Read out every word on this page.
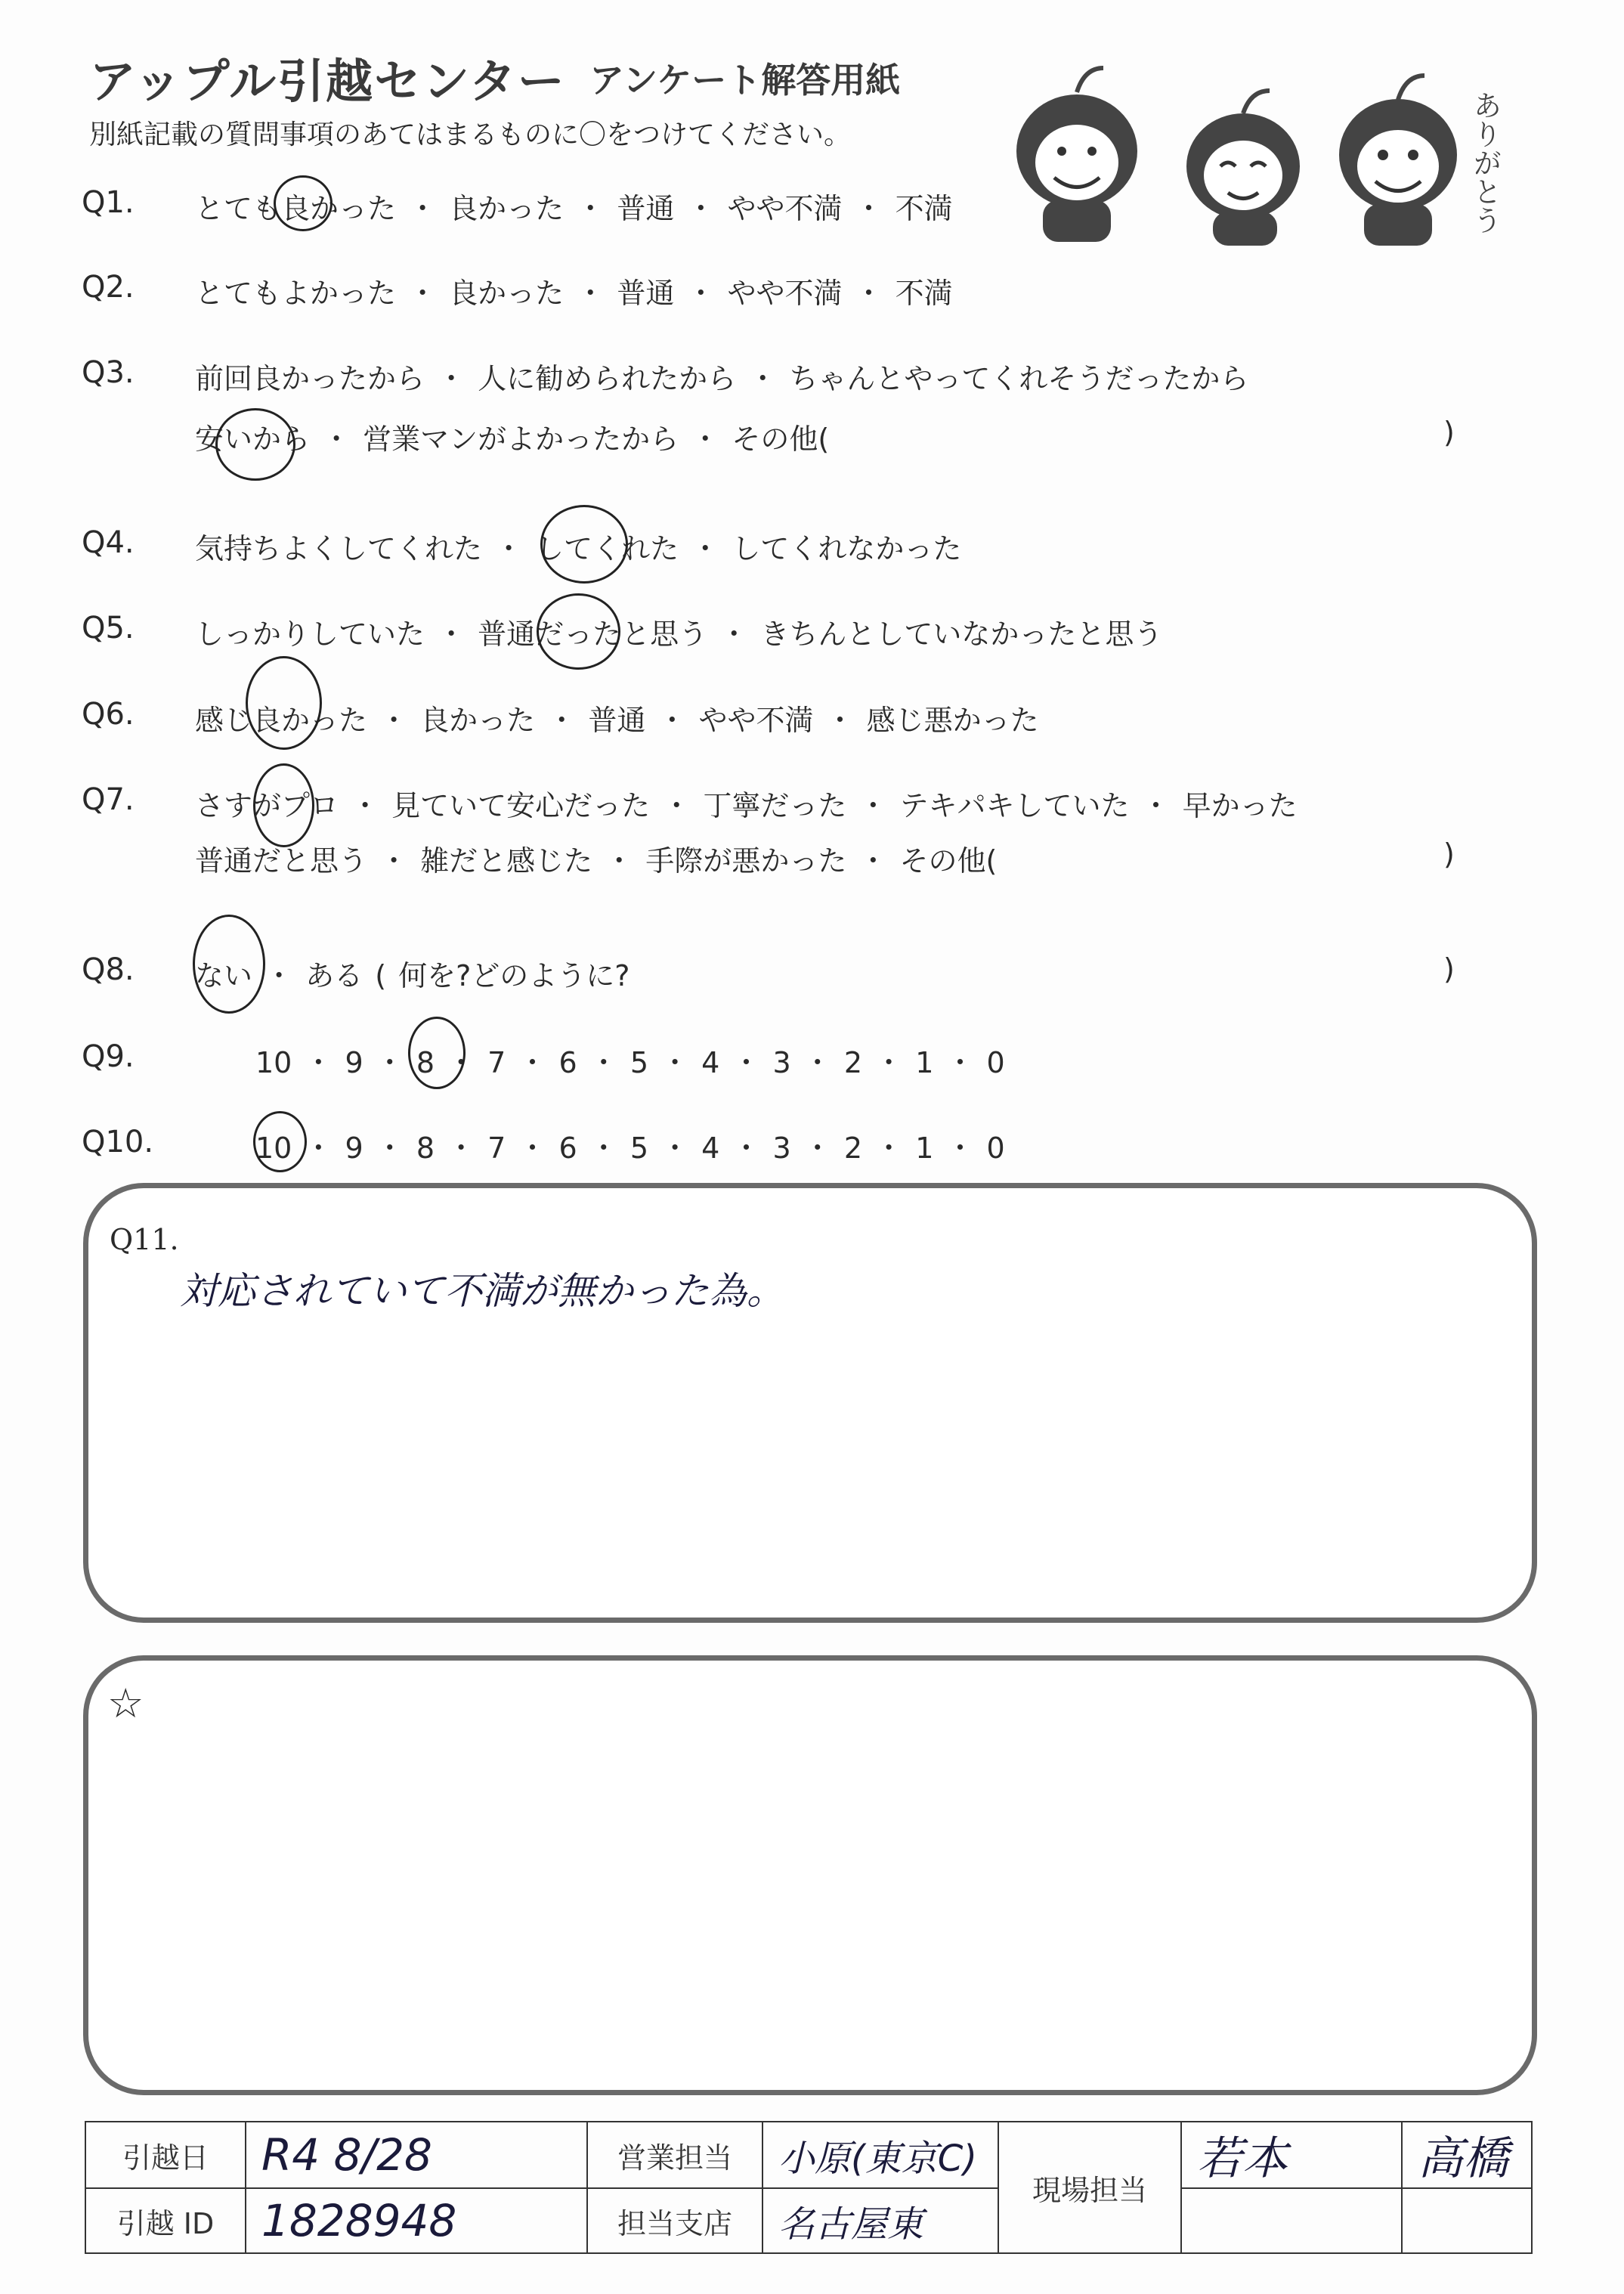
アップル引越センター アンケート解答用紙
別紙記載の質問事項のあてはまるものに〇をつけてください。	ありがとう
Q1. とても良かった ・ 良かった ・ 普通 ・ やや不満 ・ 不満
Q2. とてもよかった ・ 良かった ・ 普通 ・ やや不満 ・ 不満
Q3. 前回良かったから ・ 人に勧められたから ・ ちゃんとやってくれそうだったから
安いから ・ 営業マンがよかったから ・ その他(	)
Q4. 気持ちよくしてくれた ・ してくれた ・ してくれなかった
Q5. しっかりしていた ・ 普通だったと思う ・ きちんとしていなかったと思う
Q6. 感じ良かった ・ 良かった ・ 普通 ・ やや不満 ・ 感じ悪かった
Q7. さすがプロ ・ 見ていて安心だった ・ 丁寧だった ・ テキパキしていた ・ 早かった
普通だと思う ・ 雑だと感じた ・ 手際が悪かった ・ その他(	)
Q8. ない ・ ある ( 何を?どのように?	)
Q9.	10 ・ 9 ・ 8 ・ 7 ・ 6 ・ 5 ・ 4 ・ 3 ・ 2 ・ 1 ・ 0
Q10.	10 ・ 9 ・ 8 ・ 7 ・ 6 ・ 5 ・ 4 ・ 3 ・ 2 ・ 1 ・ 0
Q11.
対応されていて不満が無かった為。
☆
引越日	R4 8/28	営業担当	小原(東京C)	現場担当	若本	高橋
引越 ID	1828948	担当支店	名古屋東			
